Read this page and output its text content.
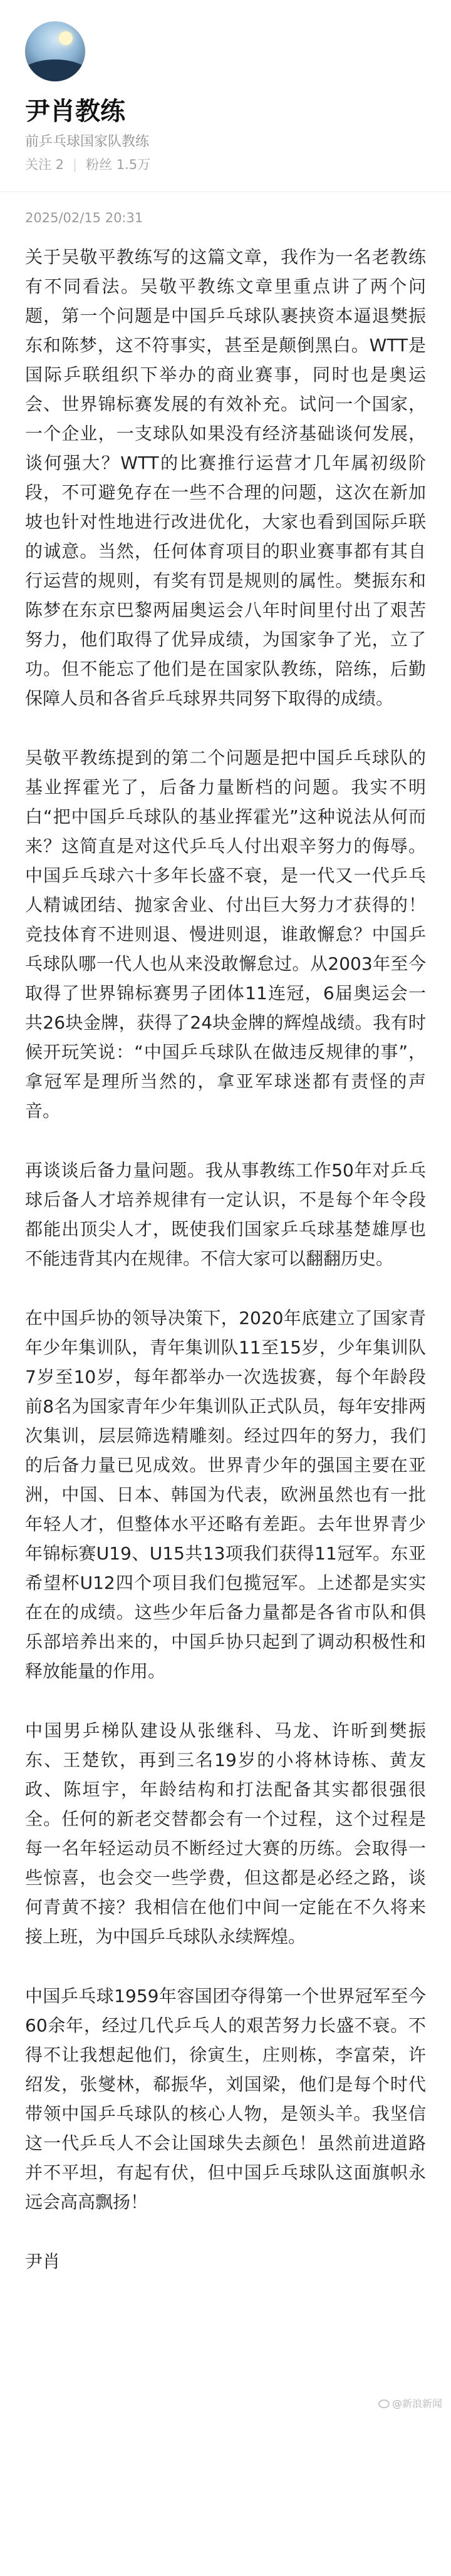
尹肖教练
前乒乓球国家队教练
关注 2 | 粉丝 1.5万
2025/02/15 20:31

关于吴敬平教练写的这篇文章，我作为一名老教练有不同看法。吴敬平教练文章里重点讲了两个问题，第一个问题是中国乒乓球队裹挟资本逼退樊振东和陈梦，这不符事实，甚至是颠倒黑白。WTT是国际乒联组织下举办的商业赛事，同时也是奥运会、世界锦标赛发展的有效补充。试问一个国家，一个企业，一支球队如果没有经济基础谈何发展，谈何强大？WTT的比赛推行运营才几年属初级阶段，不可避免存在一些不合理的问题，这次在新加坡也针对性地进行改进优化，大家也看到国际乒联的诚意。当然，任何体育项目的职业赛事都有其自行运营的规则，有奖有罚是规则的属性。樊振东和陈梦在东京巴黎两届奥运会八年时间里付出了艰苦努力，他们取得了优异成绩，为国家争了光，立了功。但不能忘了他们是在国家队教练，陪练，后勤保障人员和各省乒乓球界共同努下取得的成绩。

吴敬平教练提到的第二个问题是把中国乒乓球队的基业挥霍光了，后备力量断档的问题。我实不明白“把中国乒乓球队的基业挥霍光”这种说法从何而来？这简直是对这代乒乓人付出艰辛努力的侮辱。中国乒乓球六十多年长盛不衰，是一代又一代乒乓人精诚团结、抛家舍业、付出巨大努力才获得的！竞技体育不进则退、慢进则退，谁敢懈怠？中国乒乓球队哪一代人也从来没敢懈怠过。从2003年至今取得了世界锦标赛男子团体11连冠，6届奥运会一共26块金牌，获得了24块金牌的辉煌战绩。我有时候开玩笑说：“中国乒乓球队在做违反规律的事”，拿冠军是理所当然的，拿亚军球迷都有责怪的声音。

再谈谈后备力量问题。我从事教练工作50年对乒乓球后备人才培养规律有一定认识，不是每个年令段都能出顶尖人才，既使我们国家乒乓球基楚雄厚也不能违背其内在规律。不信大家可以翻翻历史。

在中国乒协的领导决策下，2020年底建立了国家青年少年集训队，青年集训队11至15岁，少年集训队7岁至10岁，每年都举办一次选拔赛，每个年龄段前8名为国家青年少年集训队正式队员，每年安排两次集训，层层筛选精雕刻。经过四年的努力，我们的后备力量已见成效。世界青少年的强国主要在亚洲，中国、日本、韩国为代表，欧洲虽然也有一批年轻人才，但整体水平还略有差距。去年世界青少年锦标赛U19、U15共13项我们获得11冠军。东亚希望杯U12四个项目我们包揽冠军。上述都是实实在在的成绩。这些少年后备力量都是各省市队和俱乐部培养出来的，中国乒协只起到了调动积极性和释放能量的作用。

中国男乒梯队建设从张继科、马龙、许昕到樊振东、王楚钦，再到三名19岁的小将林诗栋、黄友政、陈垣宇，年龄结构和打法配备其实都很强很全。任何的新老交替都会有一个过程，这个过程是每一名年轻运动员不断经过大赛的历练。会取得一些惊喜，也会交一些学费，但这都是必经之路，谈何青黄不接？我相信在他们中间一定能在不久将来接上班，为中国乒乓球队永续辉煌。

中国乒乓球1959年容国团夺得第一个世界冠军至今60余年，经过几代乒乓人的艰苦努力长盛不衰。不得不让我想起他们，徐寅生，庄则栋，李富荣，许绍发，张燮林，郗振华，刘国梁，他们是每个时代带领中国乒乓球队的核心人物，是领头羊。我坚信这一代乒乓人不会让国球失去颜色！虽然前进道路并不平坦，有起有伏，但中国乒乓球队这面旗帜永远会高高飘扬！

尹肖
@新浪新闻
